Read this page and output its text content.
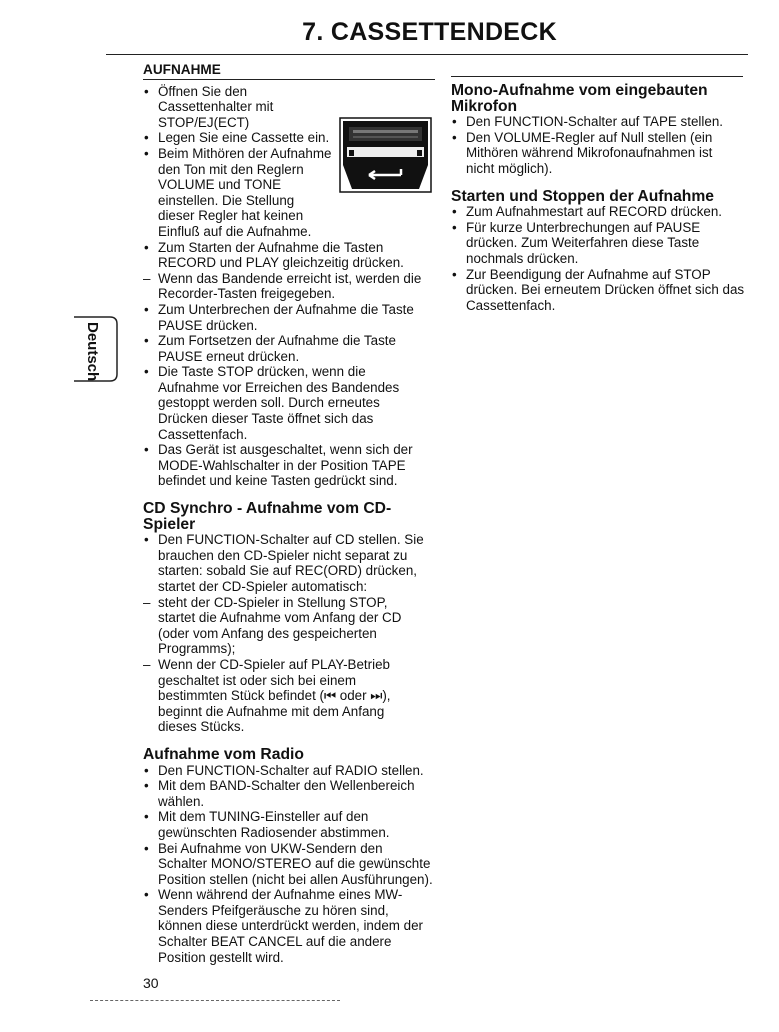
7. CASSETTENDECK
Deutsch
AUFNAHME
• Öffnen Sie den Cassettenhalter mit STOP/EJ(ECT)
• Legen Sie eine Cassette ein.
• Beim Mithören der Aufnahme den Ton mit den Reglern VOLUME und TONE einstellen. Die Stellung dieser Regler hat keinen Einfluß auf die Aufnahme.
• Zum Starten der Aufnahme die Tasten RECORD und PLAY gleichzeitig drücken.
– Wenn das Bandende erreicht ist, werden die Recorder-Tasten freigegeben.
• Zum Unterbrechen der Aufnahme die Taste PAUSE drücken.
• Zum Fortsetzen der Aufnahme die Taste PAUSE erneut drücken.
• Die Taste STOP drücken, wenn die Aufnahme vor Erreichen des Bandendes gestoppt werden soll. Durch erneutes Drücken dieser Taste öffnet sich das Cassettenfach.
• Das Gerät ist ausgeschaltet, wenn sich der MODE-Wahlschalter in der Position TAPE befindet und keine Tasten gedrückt sind.
CD Synchro - Aufnahme vom CD-Spieler
• Den FUNCTION-Schalter auf CD stellen. Sie brauchen den CD-Spieler nicht separat zu starten: sobald Sie auf REC(ORD) drücken, startet der CD-Spieler automatisch:
– steht der CD-Spieler in Stellung STOP, startet die Aufnahme vom Anfang der CD (oder vom Anfang des gespeicherten Programms);
– Wenn der CD-Spieler auf PLAY-Betrieb geschaltet ist oder sich bei einem bestimmten Stück befindet (⏮ oder ⏭), beginnt die Aufnahme mit dem Anfang dieses Stücks.
Aufnahme vom Radio
• Den FUNCTION-Schalter auf RADIO stellen.
• Mit dem BAND-Schalter den Wellenbereich wählen.
• Mit dem TUNING-Einsteller auf den gewünschten Radiosender abstimmen.
• Bei Aufnahme von UKW-Sendern den Schalter MONO/STEREO auf die gewünschte Position stellen (nicht bei allen Ausführungen).
• Wenn während der Aufnahme eines MW-Senders Pfeifgeräusche zu hören sind, können diese unterdrückt werden, indem der Schalter BEAT CANCEL auf die andere Position gestellt wird.
Mono-Aufnahme vom eingebauten Mikrofon
• Den FUNCTION-Schalter auf TAPE stellen.
• Den VOLUME-Regler auf Null stellen (ein Mithören während Mikrofonaufnahmen ist nicht möglich).
Starten und Stoppen der Aufnahme
• Zum Aufnahmestart auf RECORD drücken.
• Für kurze Unterbrechungen auf PAUSE drücken. Zum Weiterfahren diese Taste nochmals drücken.
• Zur Beendigung der Aufnahme auf STOP drücken. Bei erneutem Drücken öffnet sich das Cassettenfach.
30
